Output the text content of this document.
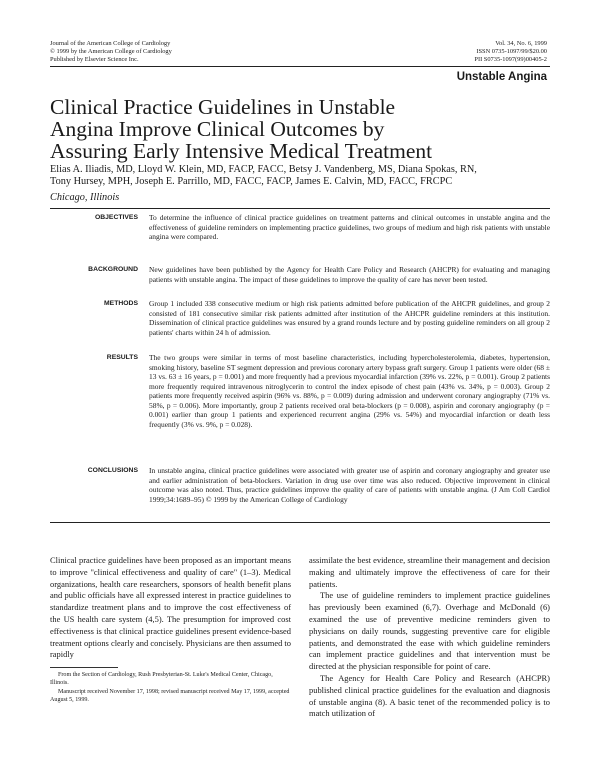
Journal of the American College of Cardiology
© 1999 by the American College of Cardiology
Published by Elsevier Science Inc.
Vol. 34, No. 6, 1999
ISSN 0735-1097/99/$20.00
PII S0735-1097(99)00405-2
Unstable Angina
Clinical Practice Guidelines in Unstable
Angina Improve Clinical Outcomes by
Assuring Early Intensive Medical Treatment
Elias A. Iliadis, MD, Lloyd W. Klein, MD, FACP, FACC, Betsy J. Vandenberg, MS, Diana Spokas, RN,
Tony Hursey, MPH, Joseph E. Parrillo, MD, FACC, FACP, James E. Calvin, MD, FACC, FRCPC
Chicago, Illinois
OBJECTIVES To determine the influence of clinical practice guidelines on treatment patterns and clinical outcomes in unstable angina and the effectiveness of guideline reminders on implementing practice guidelines, two groups of medium and high risk patients with unstable angina were compared.
BACKGROUND New guidelines have been published by the Agency for Health Care Policy and Research (AHCPR) for evaluating and managing patients with unstable angina. The impact of these guidelines to improve the quality of care has never been tested.
METHODS Group 1 included 338 consecutive medium or high risk patients admitted before publication of the AHCPR guidelines, and group 2 consisted of 181 consecutive similar risk patients admitted after institution of the AHCPR guideline reminders at this institution. Dissemination of clinical practice guidelines was ensured by a grand rounds lecture and by posting guideline reminders on all group 2 patients' charts within 24 h of admission.
RESULTS The two groups were similar in terms of most baseline characteristics, including hypercholesterolemia, diabetes, hypertension, smoking history, baseline ST segment depression and previous coronary artery bypass graft surgery. Group 1 patients were older (68 ± 13 vs. 63 ± 16 years, p = 0.001) and more frequently had a previous myocardial infarction (39% vs. 22%, p = 0.001). Group 2 patients more frequently required intravenous nitroglycerin to control the index episode of chest pain (43% vs. 34%, p = 0.003). Group 2 patients more frequently received aspirin (96% vs. 88%, p = 0.009) during admission and underwent coronary angiography (71% vs. 58%, p = 0.006). More importantly, group 2 patients received oral beta-blockers (p = 0.008), aspirin and coronary angiography (p = 0.001) earlier than group 1 patients and experienced recurrent angina (29% vs. 54%) and myocardial infarction or death less frequently (3% vs. 9%, p = 0.028).
CONCLUSIONS In unstable angina, clinical practice guidelines were associated with greater use of aspirin and coronary angiography and greater use and earlier administration of beta-blockers. Variation in drug use over time was also reduced. Objective improvement in clinical outcome was also noted. Thus, practice guidelines improve the quality of care of patients with unstable angina. (J Am Coll Cardiol 1999;34:1689–95) © 1999 by the American College of Cardiology

Clinical practice guidelines have been proposed as an important means to improve "clinical effectiveness and quality of care" (1–3). Medical organizations, health care researchers, sponsors of health benefit plans and public officials have all expressed interest in practice guidelines to standardize treatment plans and to improve the cost effectiveness of the US health care system (4,5). The presumption for improved cost effectiveness is that clinical practice guidelines present evidence-based treatment options clearly and concisely. Physicians are then assumed to rapidly

assimilate the best evidence, streamline their management and decision making and ultimately improve the effectiveness of care for their patients.

The use of guideline reminders to implement practice guidelines has previously been examined (6,7). Overhage and McDonald (6) examined the use of preventive medicine reminders given to physicians on daily rounds, suggesting preventive care for eligible patients, and demonstrated the ease with which guideline reminders can implement practice guidelines and that intervention must be directed at the physician responsible for point of care.

The Agency for Health Care Policy and Research (AHCPR) published clinical practice guidelines for the evaluation and diagnosis of unstable angina (8). A basic tenet of the recommended policy is to match utilization of

From the Section of Cardiology, Rush Presbyterian-St. Luke's Medical Center, Chicago, Illinois.

Manuscript received November 17, 1998; revised manuscript received May 17, 1999, accepted August 5, 1999.
